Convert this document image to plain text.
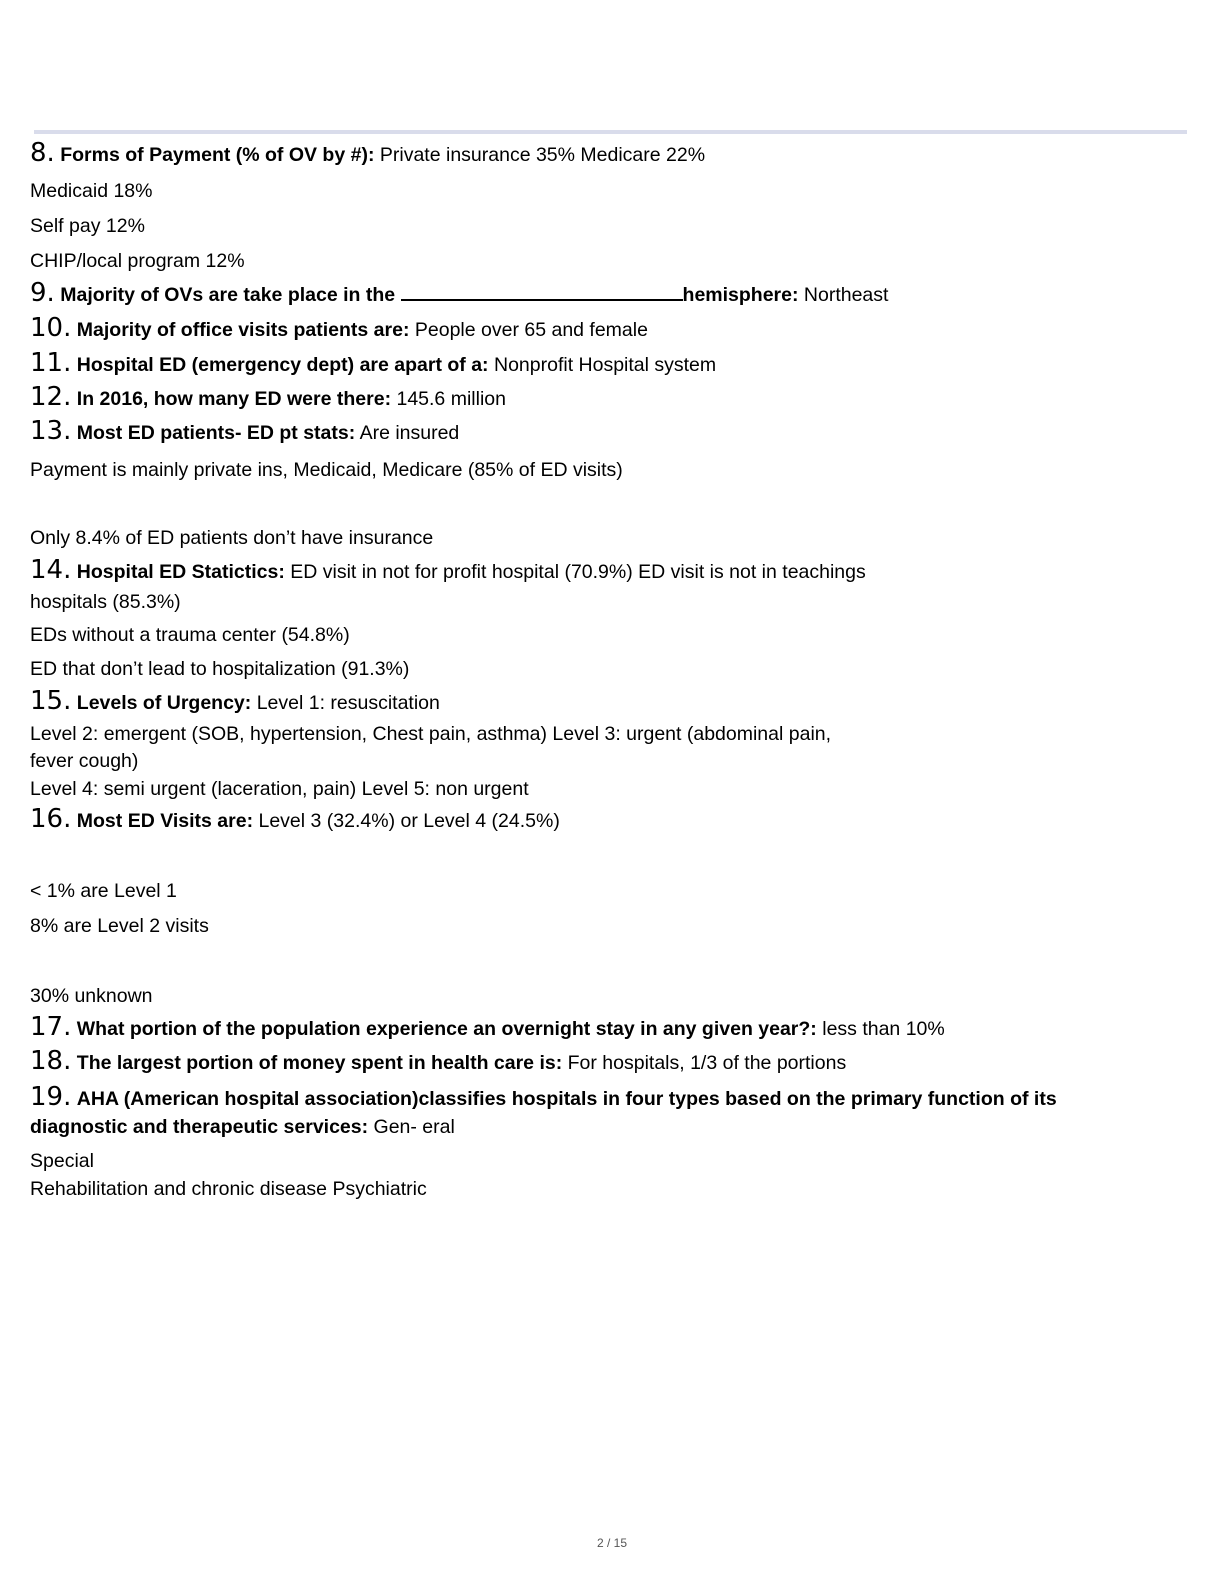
8. Forms of Payment (% of OV by #): Private insurance 35% Medicare 22%
Medicaid 18%
Self pay 12%
CHIP/local program 12%
9. Majority of OVs are take place in the	hemisphere: Northeast
10. Majority of office visits patients are: People over 65 and female
11. Hospital ED (emergency dept) are apart of a: Nonprofit Hospital system
12. In 2016, how many ED were there: 145.6 million
13. Most ED patients- ED pt stats: Are insured
Payment is mainly private ins, Medicaid, Medicare (85% of ED visits)
Only 8.4% of ED patients don’t have insurance
14. Hospital ED Statictics: ED visit in not for profit hospital (70.9%) ED visit is not in teachings
hospitals (85.3%)
EDs without a trauma center (54.8%)
ED that don’t lead to hospitalization (91.3%)
15. Levels of Urgency: Level 1: resuscitation
Level 2: emergent (SOB, hypertension, Chest pain, asthma) Level 3: urgent (abdominal pain,
fever cough)
Level 4: semi urgent (laceration, pain) Level 5: non urgent
16. Most ED Visits are: Level 3 (32.4%) or Level 4 (24.5%)
< 1% are Level 1
8% are Level 2 visits
30% unknown
17. What portion of the population experience an overnight stay in any given year?: less than 10%
18. The largest portion of money spent in health care is: For hospitals, 1/3 of the portions
19. AHA (American hospital association)classifies hospitals in four types based on the primary function of its diagnostic and therapeutic services: Gen- eral
Special
Rehabilitation and chronic disease Psychiatric
2 / 15
